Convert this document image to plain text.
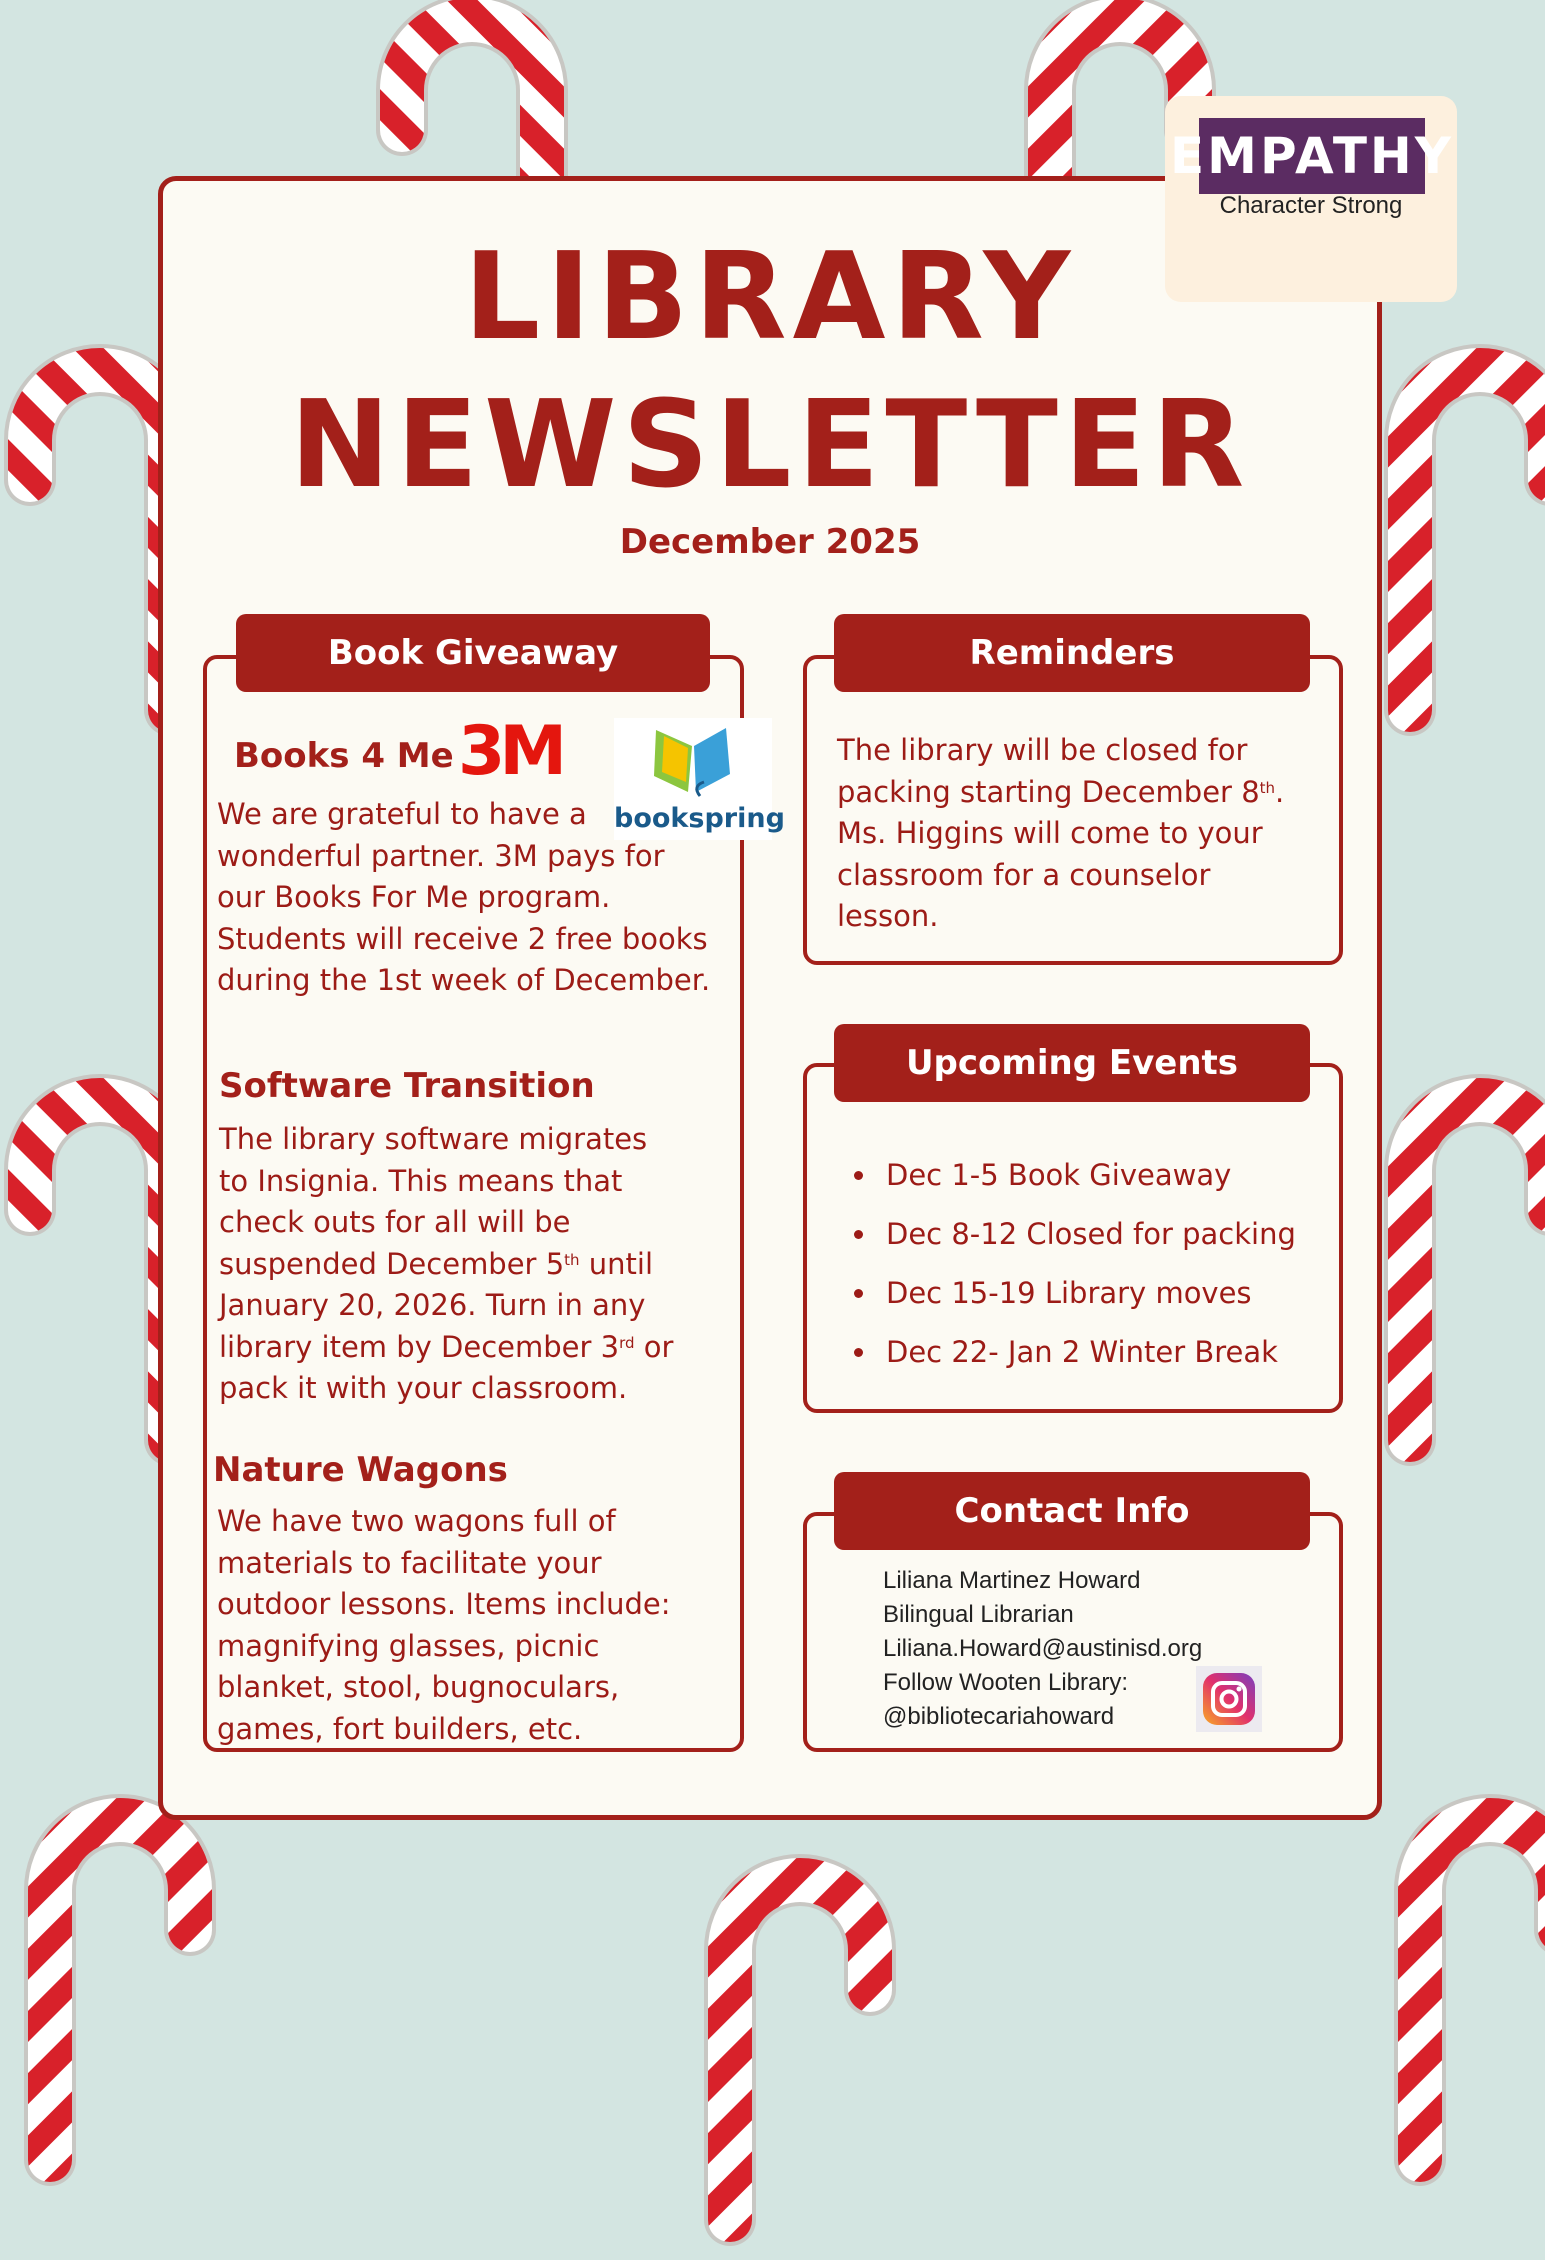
EMPATHY
Character Strong
LIBRARY
NEWSLETTER
December 2025
Book Giveaway
Books 4 Me 3M
bookspring
We are grateful to have a
wonderful partner. 3M pays for
our Books For Me program.
Students will receive 2 free books
during the 1st week of December.
Software Transition
The library software migrates
to Insignia. This means that
check outs for all will be
suspended December 5th until
January 20, 2026. Turn in any
library item by December 3rd or
pack it with your classroom.
Nature Wagons
We have two wagons full of
materials to facilitate your
outdoor lessons. Items include:
magnifying glasses, picnic
blanket, stool, bugnoculars,
games, fort builders, etc.
Reminders
The library will be closed for
packing starting December 8th.
Ms. Higgins will come to your
classroom for a counselor
lesson.
Upcoming Events
Dec 1-5 Book Giveaway
Dec 8-12 Closed for packing
Dec 15-19 Library moves
Dec 22- Jan 2 Winter Break
Contact Info
Liliana Martinez Howard
Bilingual Librarian
Liliana.Howard@austinisd.org
Follow Wooten Library:
@bibliotecariahoward
